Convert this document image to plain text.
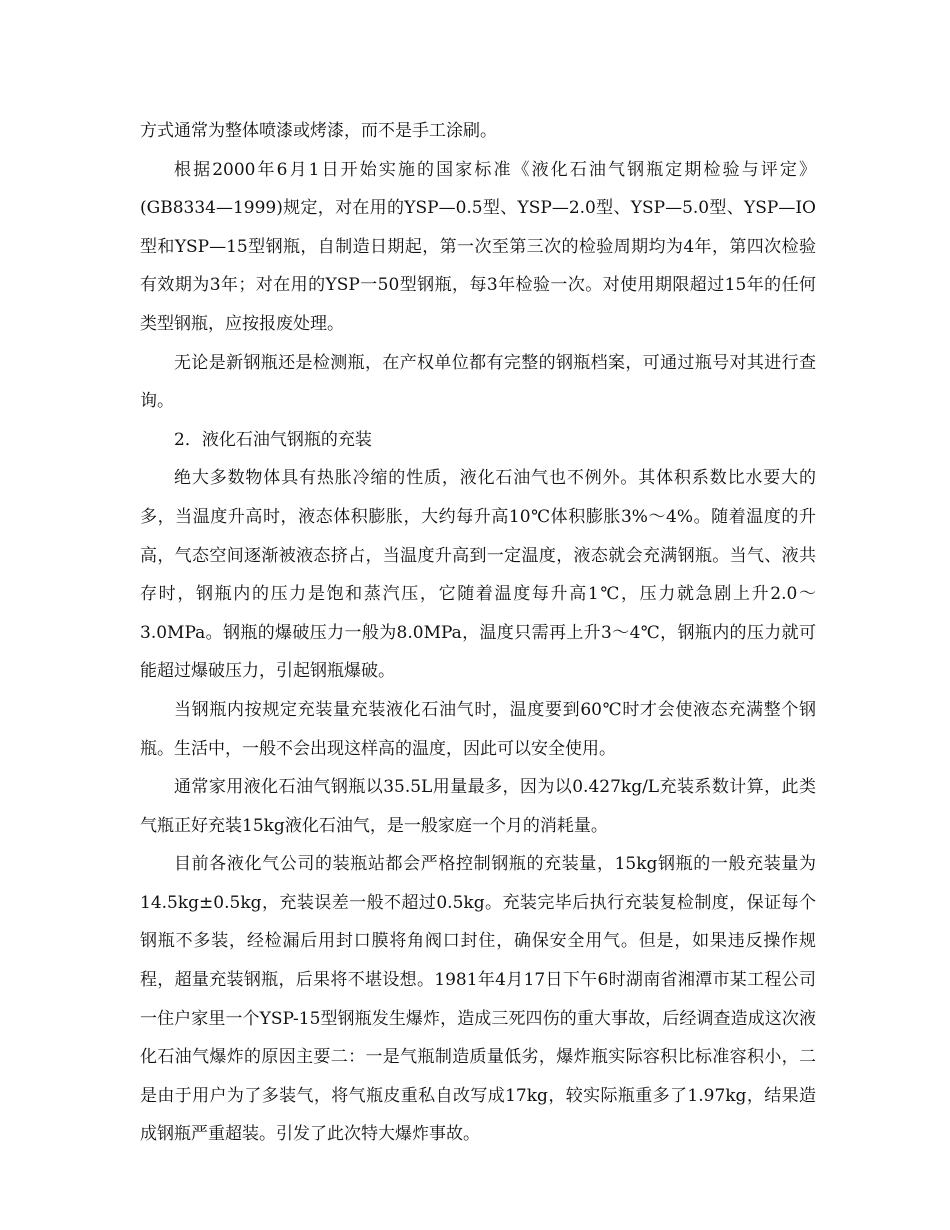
方式通常为整体喷漆或烤漆，而不是手工涂刷。

根据2000年6月1日开始实施的国家标准《液化石油气钢瓶定期检验与评定》(GB8334—1999)规定，对在用的YSP—0.5型、YSP—2.0型、YSP—5.0型、YSP—IO型和YSP—15型钢瓶，自制造日期起，第一次至第三次的检验周期均为4年，第四次检验有效期为3年；对在用的YSP一50型钢瓶，每3年检验一次。对使用期限超过15年的任何类型钢瓶，应按报废处理。

无论是新钢瓶还是检测瓶，在产权单位都有完整的钢瓶档案，可通过瓶号对其进行查询。

2．液化石油气钢瓶的充装

绝大多数物体具有热胀冷缩的性质，液化石油气也不例外。其体积系数比水要大的多，当温度升高时，液态体积膨胀，大约每升高10℃体积膨胀3%～4%。随着温度的升高，气态空间逐渐被液态挤占，当温度升高到一定温度，液态就会充满钢瓶。当气、液共存时，钢瓶内的压力是饱和蒸汽压，它随着温度每升高1℃，压力就急剧上升2.0～3.0MPa。钢瓶的爆破压力一般为8.0MPa，温度只需再上升3～4℃，钢瓶内的压力就可能超过爆破压力，引起钢瓶爆破。

当钢瓶内按规定充装量充装液化石油气时，温度要到60℃时才会使液态充满整个钢瓶。生活中，一般不会出现这样高的温度，因此可以安全使用。

通常家用液化石油气钢瓶以35.5L用量最多，因为以0.427kg/L充装系数计算，此类气瓶正好充装15kg液化石油气，是一般家庭一个月的消耗量。

目前各液化气公司的装瓶站都会严格控制钢瓶的充装量，15kg钢瓶的一般充装量为14.5kg±0.5kg，充装误差一般不超过0.5kg。充装完毕后执行充装复检制度，保证每个钢瓶不多装，经检漏后用封口膜将角阀口封住，确保安全用气。但是，如果违反操作规程，超量充装钢瓶，后果将不堪设想。1981年4月17日下午6时湖南省湘潭市某工程公司一住户家里一个YSP-15型钢瓶发生爆炸，造成三死四伤的重大事故，后经调查造成这次液化石油气爆炸的原因主要二：一是气瓶制造质量低劣，爆炸瓶实际容积比标准容积小，二是由于用户为了多装气，将气瓶皮重私自改写成17kg，较实际瓶重多了1.97kg，结果造成钢瓶严重超装。引发了此次特大爆炸事故。
